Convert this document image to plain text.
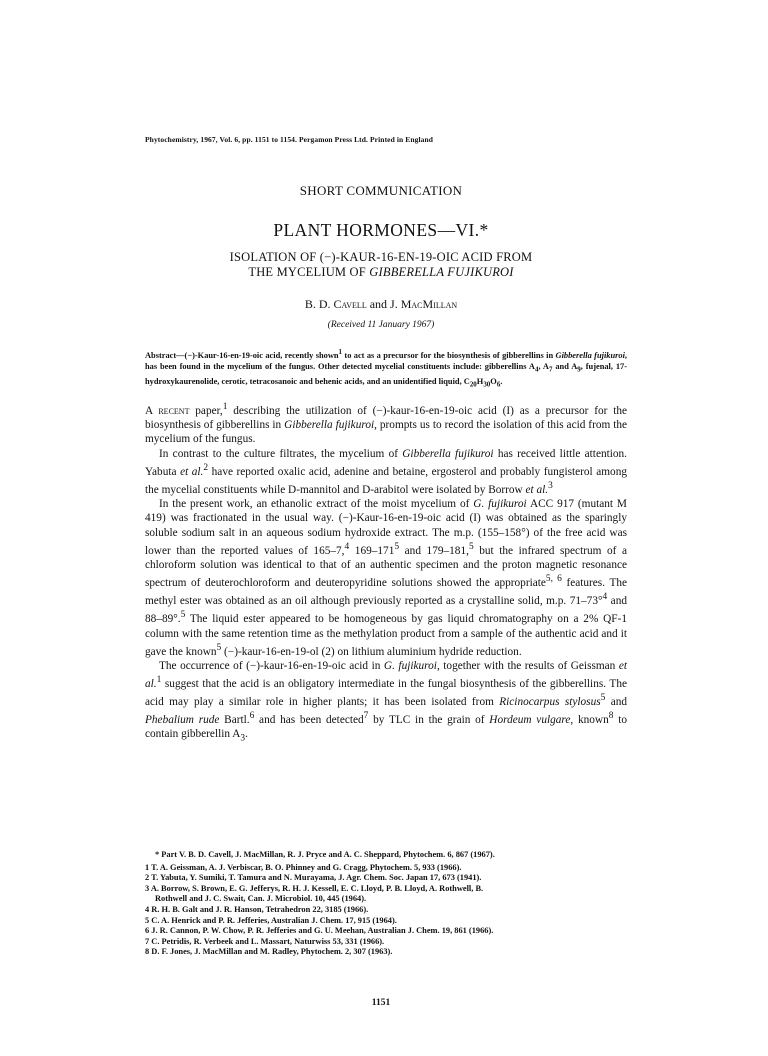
Phytochemistry, 1967, Vol. 6, pp. 1151 to 1154. Pergamon Press Ltd. Printed in England
SHORT COMMUNICATION
PLANT HORMONES—VI.*
ISOLATION OF (−)-KAUR-16-EN-19-OIC ACID FROM
THE MYCELIUM OF GIBBERELLA FUJIKUROI
B. D. Cavell and J. MacMillan
(Received 11 January 1967)
Abstract—(−)-Kaur-16-en-19-oic acid, recently shown$^1$ to act as a precursor for the biosynthesis of gibberellins in Gibberella fujikuroi, has been found in the mycelium of the fungus. Other detected mycelial constituents include: gibberellins $A_4$, $A_7$ and $A_9$, fujenal, 17-hydroxykaurenolide, cerotic, tetracosanoic and behenic acids, and an unidentified liquid, $C_{20}H_{30}O_6$.

A recent paper,$^1$ describing the utilization of (−)-kaur-16-en-19-oic acid (I) as a precursor for the biosynthesis of gibberellins in Gibberella fujikuroi, prompts us to record the isolation of this acid from the mycelium of the fungus.

In contrast to the culture filtrates, the mycelium of Gibberella fujikuroi has received little attention. Yabuta et al.$^2$ have reported oxalic acid, adenine and betaine, ergosterol and probably fungisterol among the mycelial constituents while D-mannitol and D-arabitol were isolated by Borrow et al.$^3$

In the present work, an ethanolic extract of the moist mycelium of G. fujikuroi ACC 917 (mutant M 419) was fractionated in the usual way. (−)-Kaur-16-en-19-oic acid (I) was obtained as the sparingly soluble sodium salt in an aqueous sodium hydroxide extract. The m.p. (155–158°) of the free acid was lower than the reported values of 165–7,$^4$ $169-171^5$ and 179–181,$^5$ but the infrared spectrum of a chloroform solution was identical to that of an authentic specimen and the proton magnetic resonance spectrum of deuterochloroform and deuteropyridine solutions showed the appropriate$^{5, 6}$ features. The methyl ester was obtained as an oil although previously reported as a crystalline solid, m.p. 71–73°$^4$ and 88–89°.$^5$ The liquid ester appeared to be homogeneous by gas liquid chromatography on a 2% QF-1 column with the same retention time as the methylation product from a sample of the authentic acid and it gave the known$^5$ (−)-kaur-16-en-19-ol (2) on lithium aluminium hydride reduction.

The occurrence of (−)-kaur-16-en-19-oic acid in G. fujikuroi, together with the results of Geissman et al.$^1$ suggest that the acid is an obligatory intermediate in the fungal biosynthesis of the gibberellins. The acid may play a similar role in higher plants; it has been isolated from Ricinocarpus stylosus$^5$ and Phebalium rude Bartl.$^6$ and has been detected$^7$ by TLC in the grain of Hordeum vulgare, known$^8$ to contain gibberellin $A_3$.

* Part V. B. D. Cavell, J. MacMillan, R. J. Pryce and A. C. Sheppard, Phytochem. 6, 867 (1967).
1 T. A. Geissman, A. J. Verbiscar, B. O. Phinney and G. Cragg, Phytochem. 5, 933 (1966).
2 T. Yabuta, Y. Sumiki, T. Tamura and N. Murayama, J. Agr. Chem. Soc. Japan 17, 673 (1941).
3 A. Borrow, S. Brown, E. G. Jefferys, R. H. J. Kessell, E. C. Lloyd, P. B. Lloyd, A. Rothwell, B.
Rothwell and J. C. Swait, Can. J. Microbiol. 10, 445 (1964).
4 R. H. B. Galt and J. R. Hanson, Tetrahedron 22, 3185 (1966).
5 C. A. Henrick and P. R. Jefferies, Australian J. Chem. 17, 915 (1964).
6 J. R. Cannon, P. W. Chow, P. R. Jefferies and G. U. Meehan, Australian J. Chem. 19, 861 (1966).
7 C. Petridis, R. Verbeek and L. Massart, Naturwiss 53, 331 (1966).
8 D. F. Jones, J. MacMillan and M. Radley, Phytochem. 2, 307 (1963).
1151
